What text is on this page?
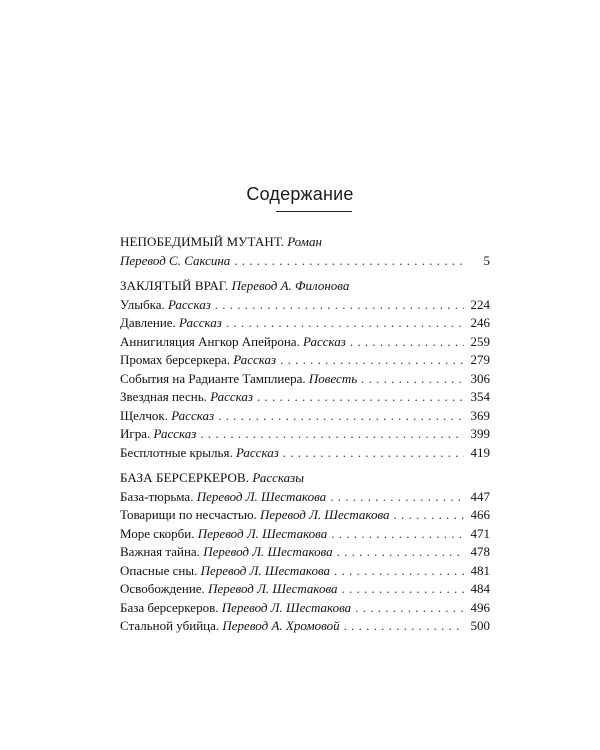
Содержание
НЕПОБЕДИМЫЙ МУТАНТ. Роман
Перевод С. Саксина . . .	5
ЗАКЛЯТЫЙ ВРАГ. Перевод А. Филонова
Улыбка. Рассказ . . .	224
Давление. Рассказ . . .	246
Аннигиляция Ангкор Апейрона. Рассказ . . .	259
Промах берсеркера. Рассказ . . .	279
События на Радианте Тамплиера. Повесть . . .	306
Звездная песнь. Рассказ . . .	354
Щелчок. Рассказ . . .	369
Игра. Рассказ . . .	399
Бесплотные крылья. Рассказ . . .	419
БАЗА БЕРСЕРКЕРОВ. Рассказы
База-тюрьма. Перевод Л. Шестакова . . .	447
Товарищи по несчастью. Перевод Л. Шестакова . . .	466
Море скорби. Перевод Л. Шестакова . . .	471
Важная тайна. Перевод Л. Шестакова . . .	478
Опасные сны. Перевод Л. Шестакова . . .	481
Освобождение. Перевод Л. Шестакова . . .	484
База берсеркеров. Перевод Л. Шестакова . . .	496
Стальной убийца. Перевод А. Хромовой . . .	500
